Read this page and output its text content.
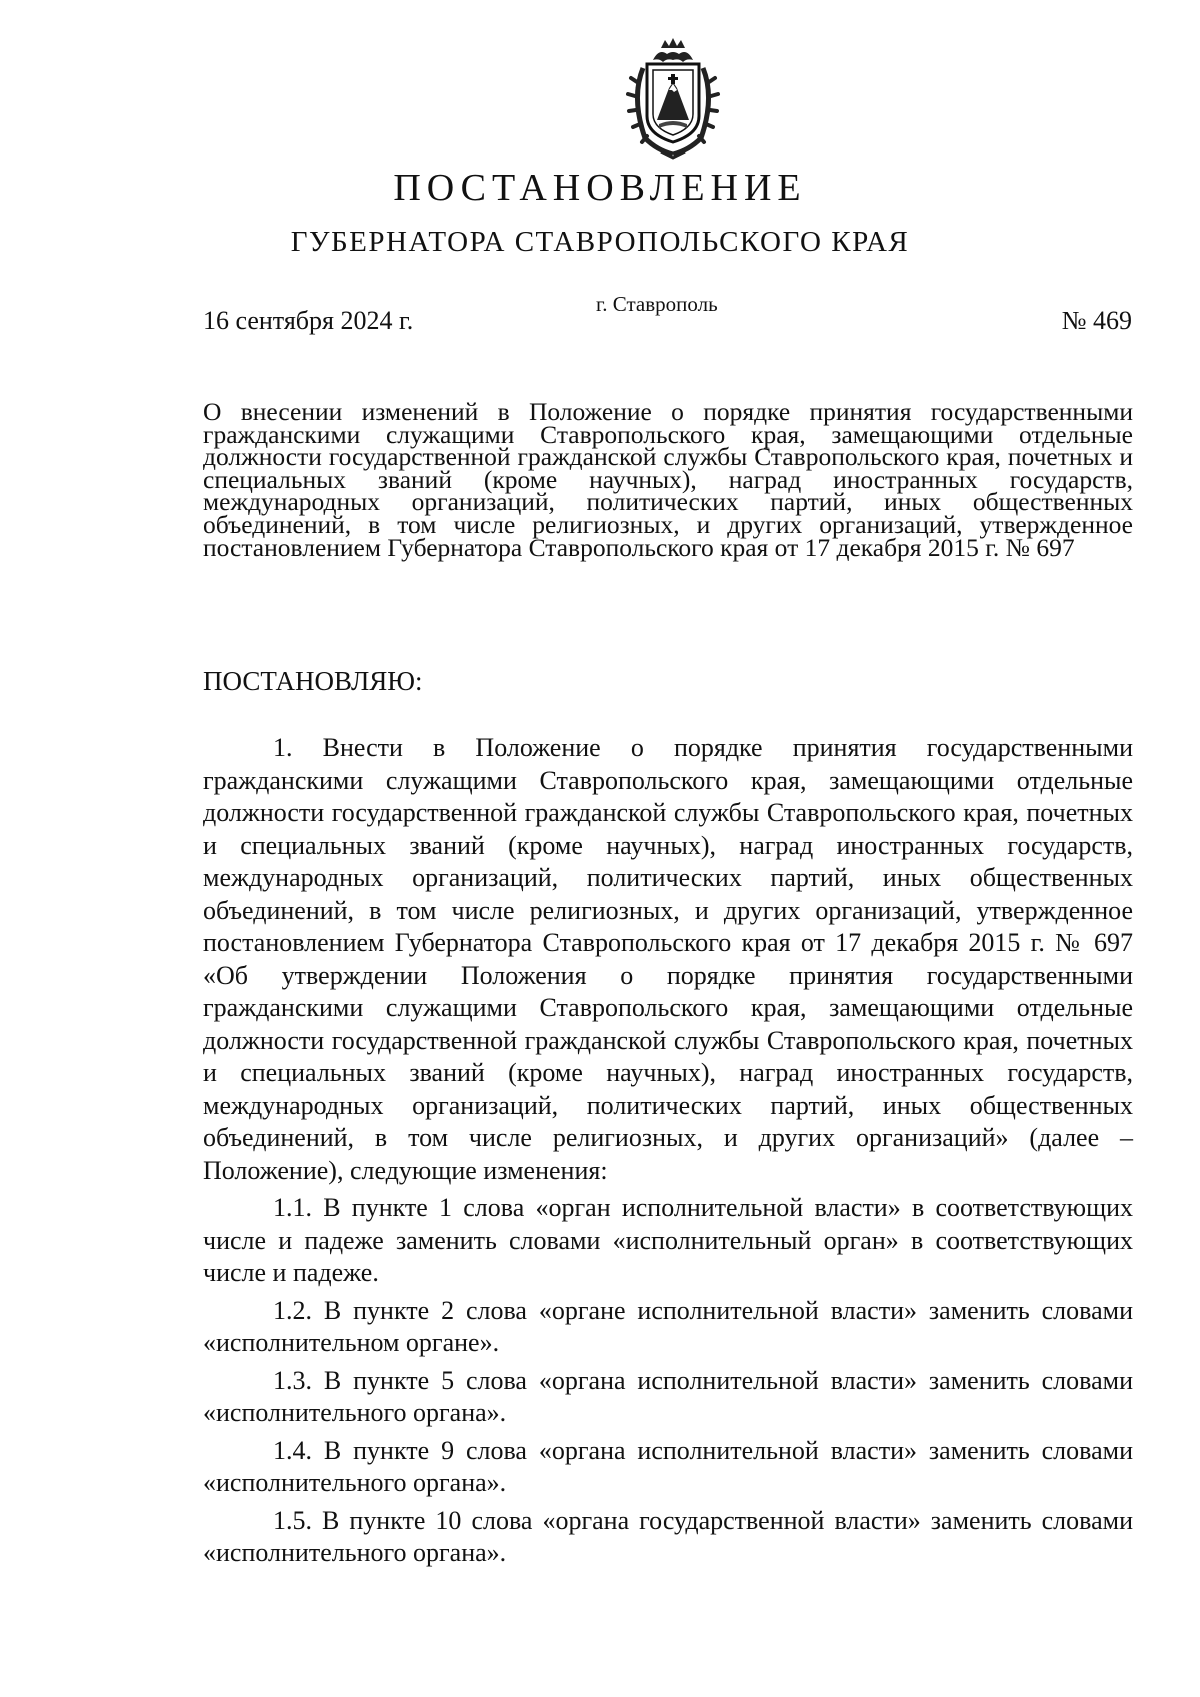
ПОСТАНОВЛЕНИЕ
ГУБЕРНАТОРА СТАВРОПОЛЬСКОГО КРАЯ
16 сентября 2024 г.
г. Ставрополь
№ 469
О внесении изменений в Положение о порядке принятия государственными гражданскими служащими Ставропольского края, замещающими отдельные должности государственной гражданской службы Ставропольского края, почетных и специальных званий (кроме научных), наград иностранных государств, международных организаций, политических партий, иных общественных объединений, в том числе религиозных, и других организаций, утвержденное постановлением Губернатора Ставропольского края от 17 декабря 2015 г. № 697
ПОСТАНОВЛЯЮ:

1. Внести в Положение о порядке принятия государственными гражданскими служащими Ставропольского края, замещающими отдельные должности государственной гражданской службы Ставропольского края, почетных и специальных званий (кроме научных), наград иностранных государств, международных организаций, политических партий, иных общественных объединений, в том числе религиозных, и других организаций, утвержденное постановлением Губернатора Ставропольского края от 17 декабря 2015 г. № 697 «Об утверждении Положения о порядке принятия государственными гражданскими служащими Ставропольского края, замещающими отдельные должности государственной гражданской службы Ставропольского края, почетных и специальных званий (кроме научных), наград иностранных государств, международных организаций, политических партий, иных общественных объединений, в том числе религиозных, и других организаций» (далее – Положение), следующие изменения:

1.1. В пункте 1 слова «орган исполнительной власти» в соответствующих числе и падеже заменить словами «исполнительный орган» в соответствующих числе и падеже.

1.2. В пункте 2 слова «органе исполнительной власти» заменить словами «исполнительном органе».

1.3. В пункте 5 слова «органа исполнительной власти» заменить словами «исполнительного органа».

1.4. В пункте 9 слова «органа исполнительной власти» заменить словами «исполнительного органа».

1.5. В пункте 10 слова «органа государственной власти» заменить словами «исполнительного органа».
